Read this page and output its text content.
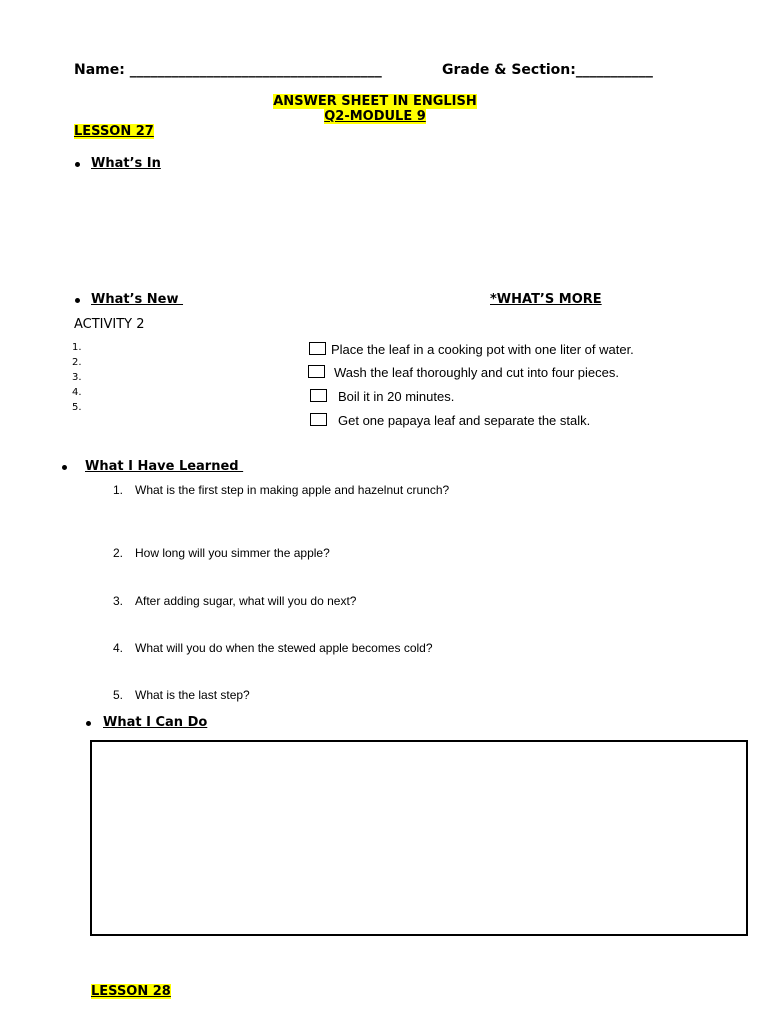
Name: ____________________________________	Grade & Section:___________
ANSWER SHEET IN ENGLISH
Q2-MODULE 9
LESSON 27
What’s In
What’s New	*WHAT’S MORE
ACTIVITY 2
1.
2.
3.
4.
5.
Place the leaf in a cooking pot with one liter of water.
Wash the leaf thoroughly and cut into four pieces.
Boil it in 20 minutes.
Get one papaya leaf and separate the stalk.
What I Have Learned
1. What is the first step in making apple and hazelnut crunch?
2. How long will you simmer the apple?
3. After adding sugar, what will you do next?
4. What will you do when the stewed apple becomes cold?
5. What is the last step?
What I Can Do
LESSON 28
